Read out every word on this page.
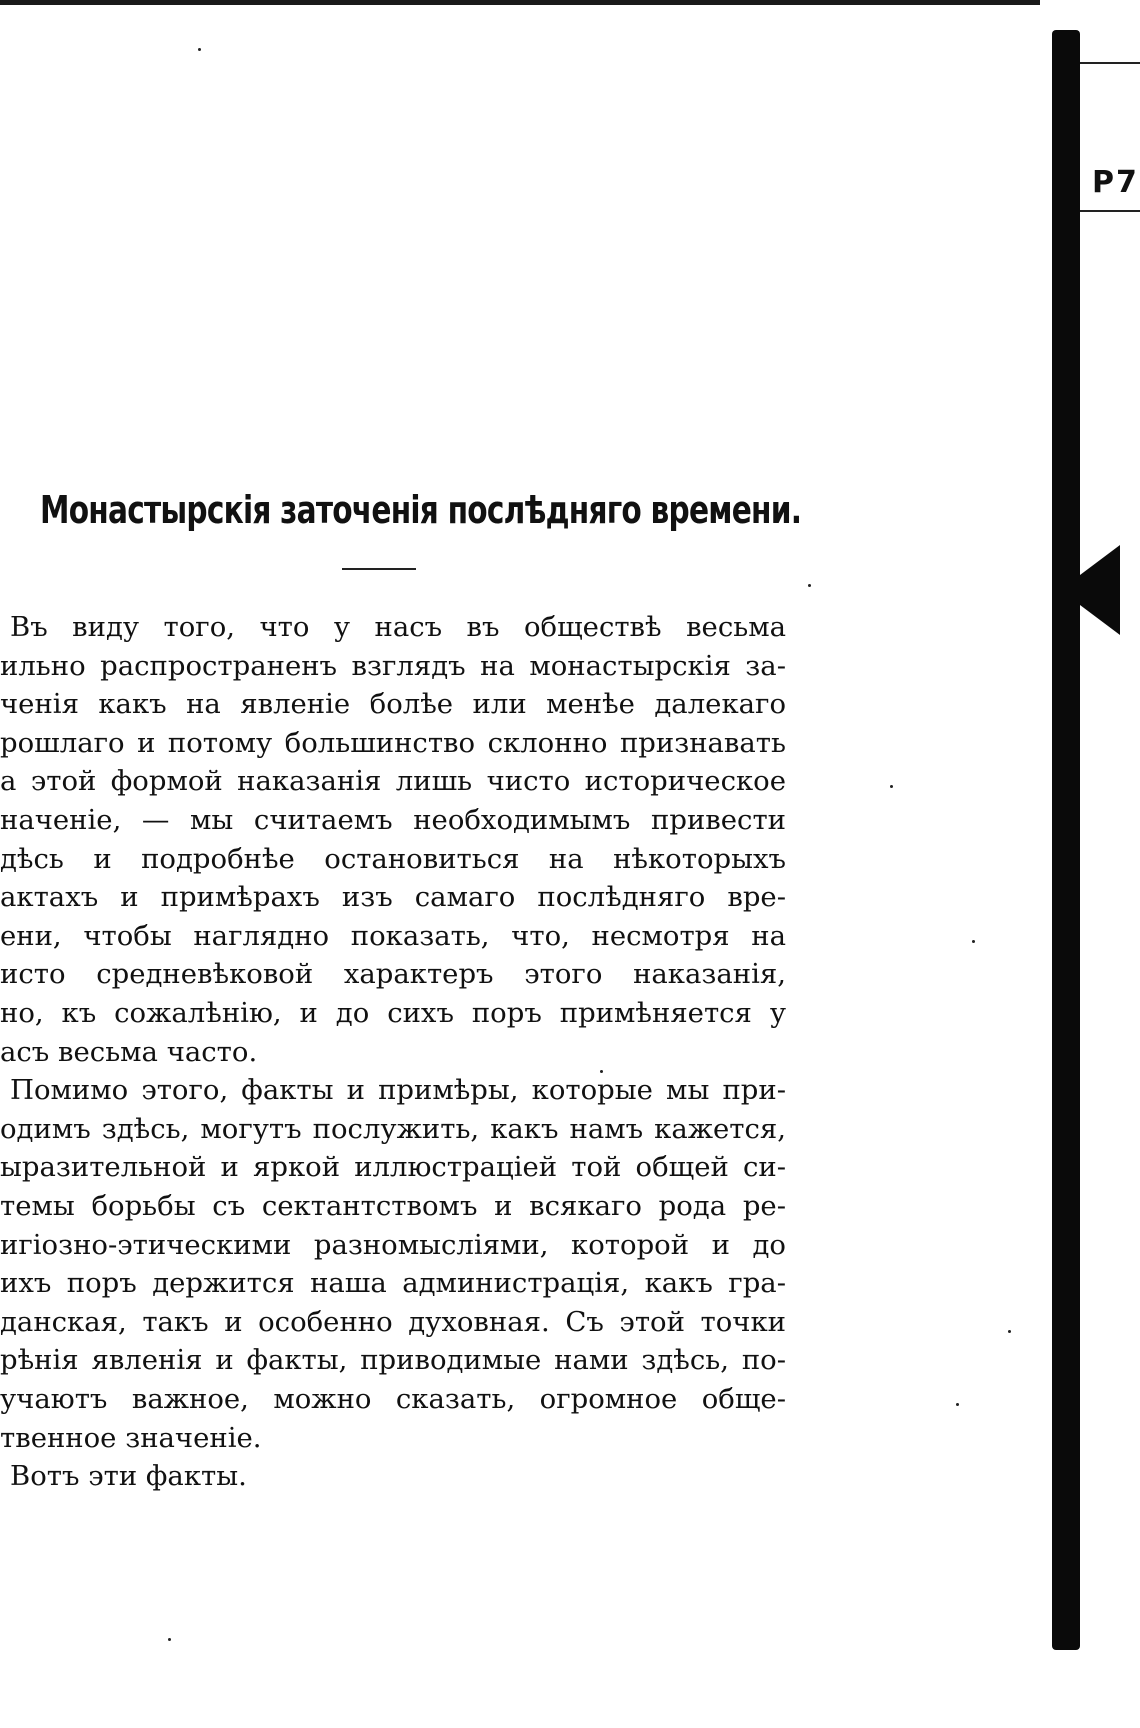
P7
Монастырскія заточенія послѣдняго времени.
Въ виду того, что у насъ въ обществѣ весьма
ильно распространенъ взглядъ на монастырскія за-
ченія какъ на явленіе болѣе или менѣе далекаго
рошлаго и потому большинство склонно признавать
а этой формой наказанія лишь чисто историческое
наченіе, — мы считаемъ необходимымъ привести
дѣсь и подробнѣе остановиться на нѣкоторыхъ
актахъ и примѣрахъ изъ самаго послѣдняго вре-
ени, чтобы наглядно показать, что, несмотря на
исто средневѣковой характеръ этого наказанія,
но, къ сожалѣнію, и до сихъ поръ примѣняется у
асъ весьма часто.
Помимо этого, факты и примѣры, которые мы при-
одимъ здѣсь, могутъ послужить, какъ намъ кажется,
ыразительной и яркой иллюстраціей той общей си-
темы борьбы съ сектантствомъ и всякаго рода ре-
игіозно-этическими разномысліями, которой и до
ихъ поръ держится наша администрація, какъ гра-
данская, такъ и особенно духовная. Съ этой точки
рѣнія явленія и факты, приводимые нами здѣсь, по-
учаютъ важное, можно сказать, огромное обще-
твенное значеніе.
Вотъ эти факты.
